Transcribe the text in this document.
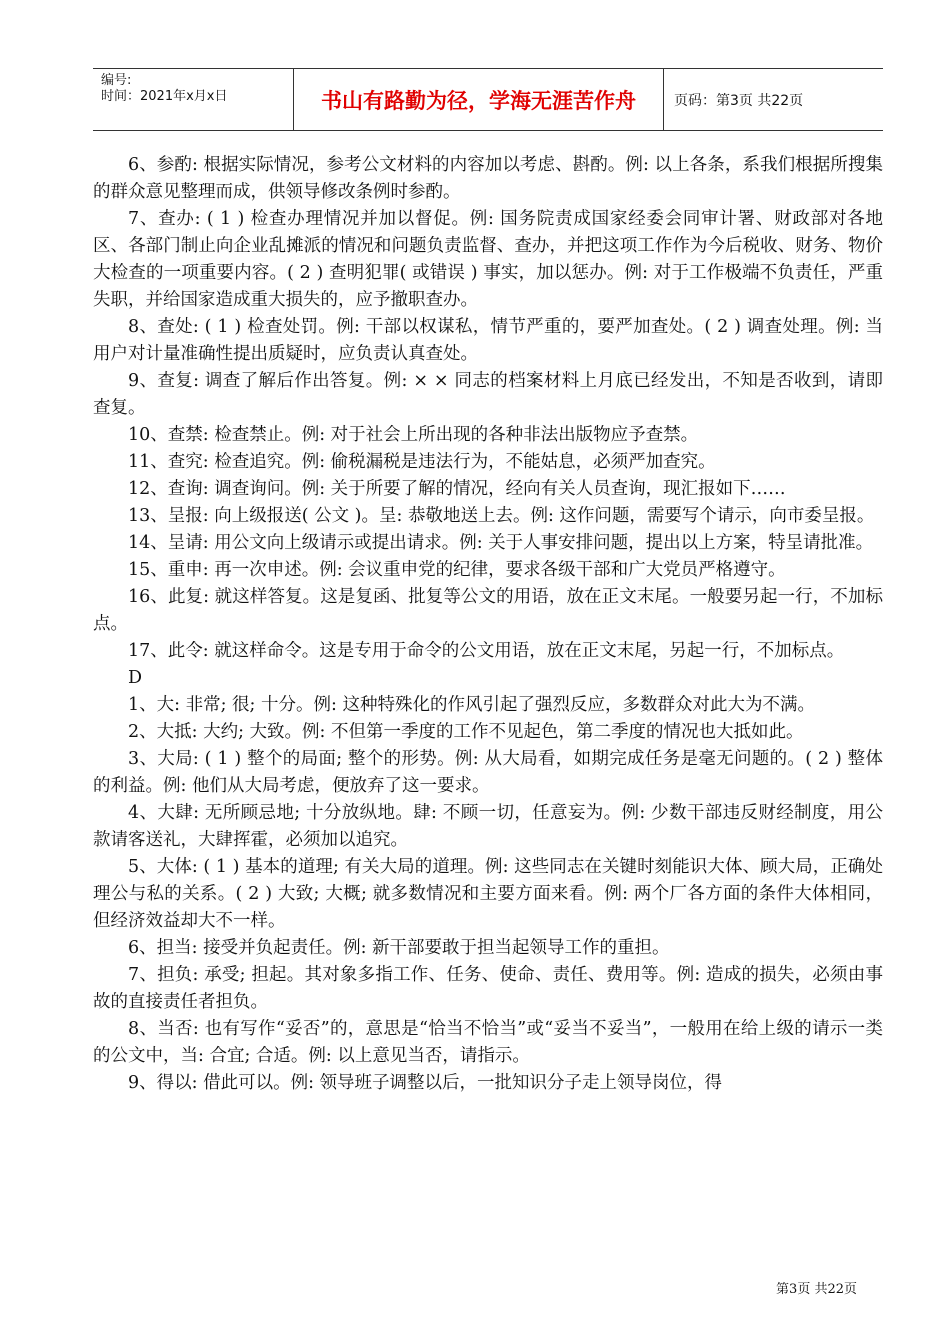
编号:
时间：2021年x月x日	书山有路勤为径，学海无涯苦作舟	页码：第3页 共22页

6、参酌: 根据实际情况，参考公文材料的内容加以考虑、斟酌。例: 以上各条，系我们根据所搜集的群众意见整理而成，供领导修改条例时参酌。

7、查办: ( 1 ) 检查办理情况并加以督促。例: 国务院责成国家经委会同审计署、财政部对各地区、各部门制止向企业乱摊派的情况和问题负责监督、查办，并把这项工作作为今后税收、财务、物价大检查的一项重要内容。( 2 ) 查明犯罪( 或错误 ) 事实，加以惩办。例: 对于工作极端不负责任，严重失职，并给国家造成重大损失的，应予撤职查办。

8、查处: ( 1 ) 检查处罚。例: 干部以权谋私，情节严重的，要严加查处。( 2 ) 调查处理。例: 当用户对计量准确性提出质疑时，应负责认真查处。

9、查复: 调查了解后作出答复。例: × × 同志的档案材料上月底已经发出，不知是否收到，请即查复。

10、查禁: 检查禁止。例: 对于社会上所出现的各种非法出版物应予查禁。

11、查究: 检查追究。例: 偷税漏税是违法行为，不能姑息，必须严加查究。

12、查询: 调查询问。例: 关于所要了解的情况，经向有关人员查询，现汇报如下……

13、呈报: 向上级报送( 公文 )。呈: 恭敬地送上去。例: 这作问题，需要写个请示，向市委呈报。

14、呈请: 用公文向上级请示或提出请求。例: 关于人事安排问题，提出以上方案，特呈请批准。

15、重申: 再一次申述。例: 会议重申党的纪律，要求各级干部和广大党员严格遵守。

16、此复: 就这样答复。这是复函、批复等公文的用语，放在正文末尾。一般要另起一行，不加标点。

17、此令: 就这样命令。这是专用于命令的公文用语，放在正文末尾，另起一行，不加标点。

D

1、大: 非常; 很; 十分。例: 这种特殊化的作风引起了强烈反应，多数群众对此大为不满。

2、大抵: 大约; 大致。例: 不但第一季度的工作不见起色，第二季度的情况也大抵如此。

3、大局: ( 1 ) 整个的局面; 整个的形势。例: 从大局看，如期完成任务是毫无问题的。( 2 ) 整体的利益。例: 他们从大局考虑，便放弃了这一要求。

4、大肆: 无所顾忌地; 十分放纵地。肆: 不顾一切，任意妄为。例: 少数干部违反财经制度，用公款请客送礼，大肆挥霍，必须加以追究。

5、大体: ( 1 ) 基本的道理; 有关大局的道理。例: 这些同志在关键时刻能识大体、顾大局，正确处理公与私的关系。( 2 ) 大致; 大概; 就多数情况和主要方面来看。例: 两个厂各方面的条件大体相同，但经济效益却大不一样。

6、担当: 接受并负起责任。例: 新干部要敢于担当起领导工作的重担。

7、担负: 承受; 担起。其对象多指工作、任务、使命、责任、费用等。例: 造成的损失，必须由事故的直接责任者担负。

8、当否: 也有写作“妥否”的，意思是“恰当不恰当”或“妥当不妥当”，一般用在给上级的请示一类的公文中，当: 合宜; 合适。例: 以上意见当否，请指示。

9、得以: 借此可以。例: 领导班子调整以后，一批知识分子走上领导岗位，得

第3页 共22页
